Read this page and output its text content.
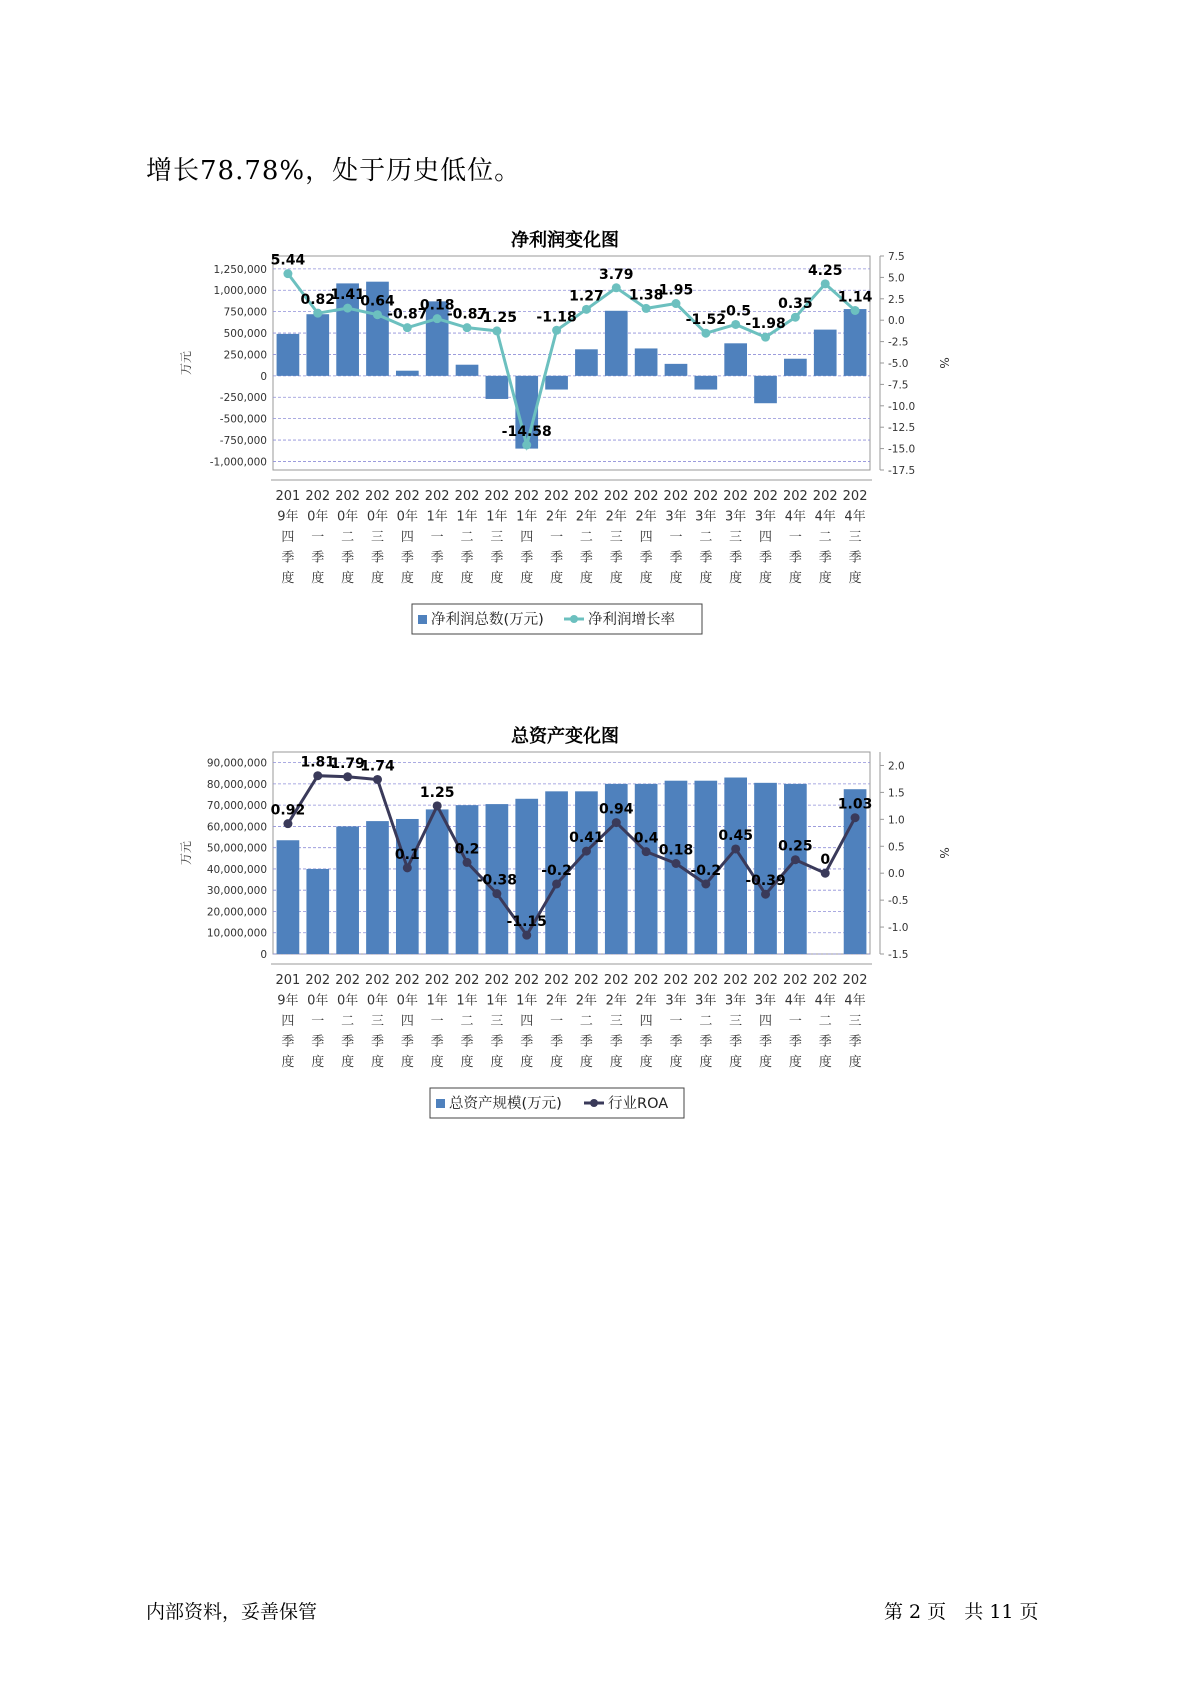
增长78.78%，处于历史低位。
净利润变化图
1,250,000
1,000,000
750,000
500,000
250,000
0
-250,000
-500,000
-750,000
-1,000,000
7.5
5.0
2.5
0.0
-2.5
-5.0
-7.5
-10.0
-12.5
-15.0
-17.5
万元	%
5.44
0.82
1.41
0.64
-0.87
0.18
-0.87
-1.25
-14.58
-1.18
1.27
3.79
1.38
1.95
-1.52
-0.5
-1.98
0.35
4.25
1.14
201
9年
四
季
度
202
0年
一
季
度
202
0年
二
季
度
202
0年
三
季
度
202
0年
四
季
度
202
1年
一
季
度
202
1年
二
季
度
202
1年
三
季
度
202
1年
四
季
度
202
2年
一
季
度
202
2年
二
季
度
202
2年
三
季
度
202
2年
四
季
度
202
3年
一
季
度
202
3年
二
季
度
202
3年
三
季
度
202
3年
四
季
度
202
4年
一
季
度
202
4年
二
季
度
202
4年
三
季
度
净利润总数(万元)	净利润增长率
总资产变化图
90,000,000
80,000,000
70,000,000
60,000,000
50,000,000
40,000,000
30,000,000
20,000,000
10,000,000
0
2.0
1.5
1.0
0.5
0.0
-0.5
-1.0
-1.5
万元	%
0.92
1.81
1.79
1.74
0.1
1.25
0.2
-0.38
-1.15
-0.2
0.41
0.94
0.4
0.18
-0.2
0.45
-0.39
0.25
0
1.03
201
9年
四
季
度
202
0年
一
季
度
202
0年
二
季
度
202
0年
三
季
度
202
0年
四
季
度
202
1年
一
季
度
202
1年
二
季
度
202
1年
三
季
度
202
1年
四
季
度
202
2年
一
季
度
202
2年
二
季
度
202
2年
三
季
度
202
2年
四
季
度
202
3年
一
季
度
202
3年
二
季
度
202
3年
三
季
度
202
3年
四
季
度
202
4年
一
季
度
202
4年
二
季
度
202
4年
三
季
度
总资产规模(万元)	行业ROA
内部资料，妥善保管	第 2 页   共 11 页
